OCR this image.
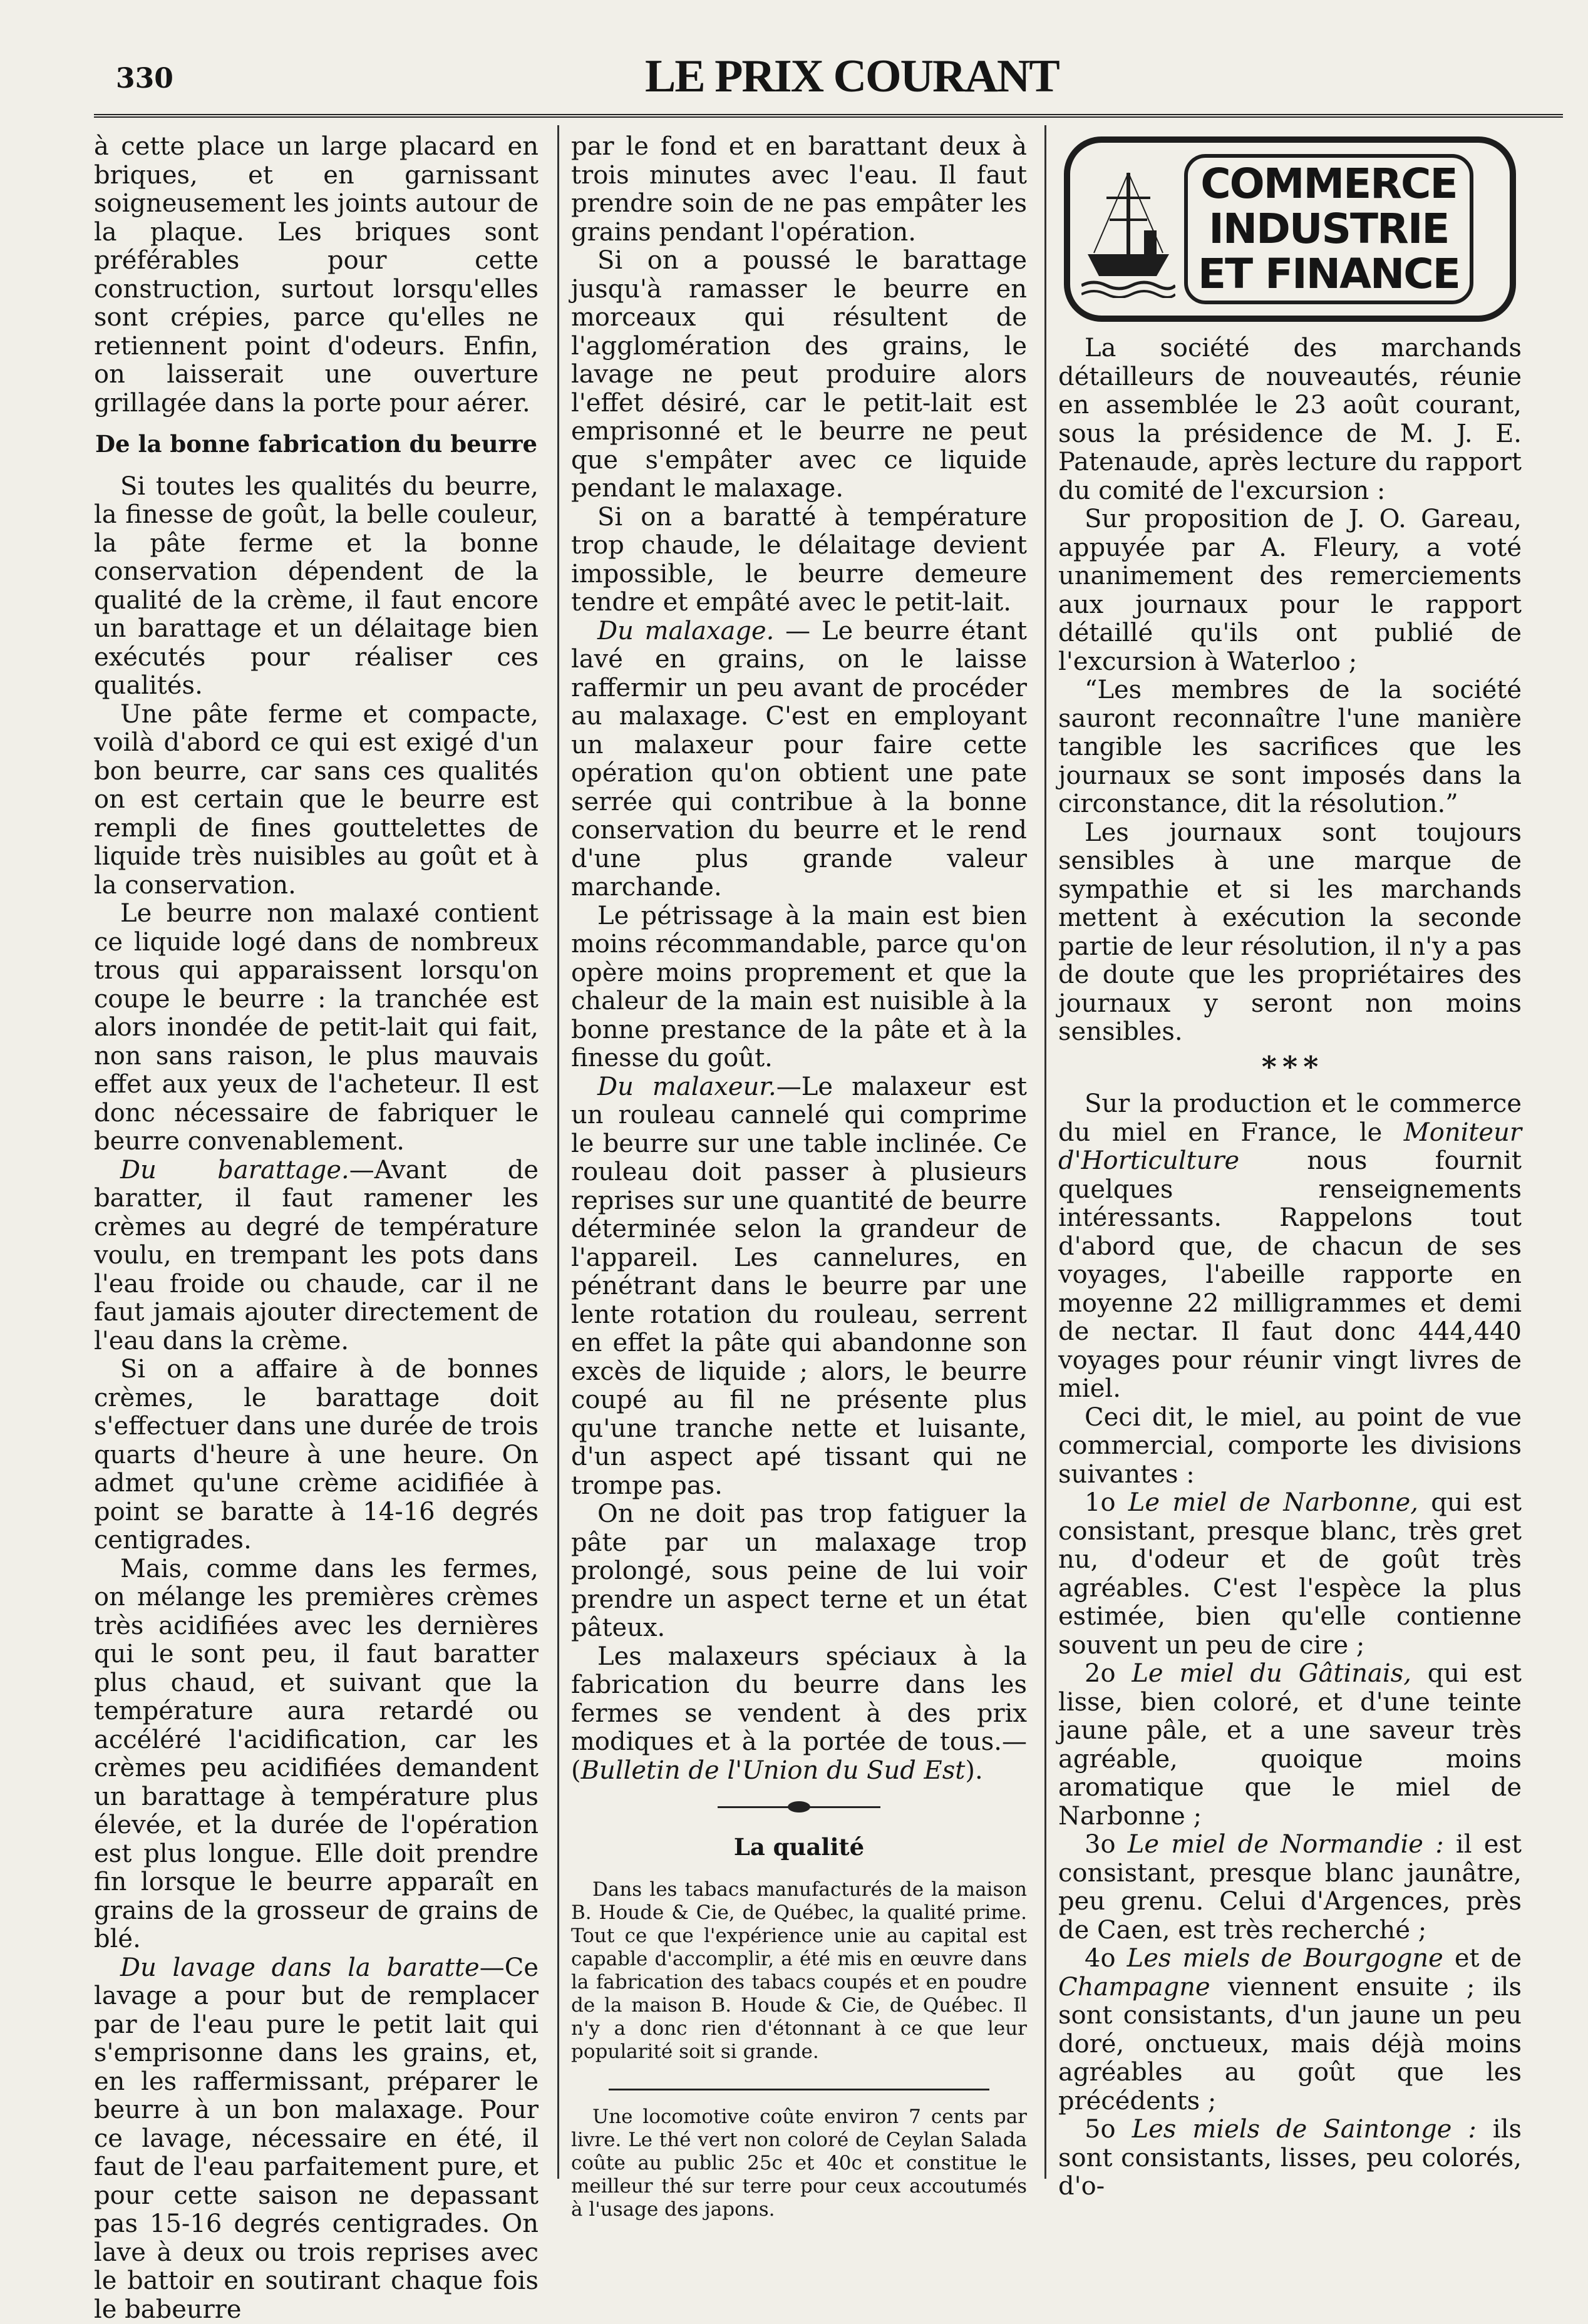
330	LE PRIX COURANT

à cette place un large placard en briques, et en garnissant soigneusement les joints autour de la plaque. Les briques sont préférables pour cette construction, surtout lorsqu'elles sont crépies, parce qu'elles ne retiennent point d'odeurs. Enfin, on laisserait une ouverture grillagée dans la porte pour aérer.

De la bonne fabrication du beurre

Si toutes les qualités du beurre, la finesse de goût, la belle couleur, la pâte ferme et la bonne conservation dépendent de la qualité de la crème, il faut encore un barattage et un délaitage bien exécutés pour réaliser ces qualités.

Une pâte ferme et compacte, voilà d'abord ce qui est exigé d'un bon beurre, car sans ces qualités on est certain que le beurre est rempli de fines gouttelettes de liquide très nuisibles au goût et à la conservation.

Le beurre non malaxé contient ce liquide logé dans de nombreux trous qui apparaissent lorsqu'on coupe le beurre : la tranchée est alors inondée de petit-lait qui fait, non sans raison, le plus mauvais effet aux yeux de l'acheteur. Il est donc nécessaire de fabriquer le beurre convenablement.

Du barattage.—Avant de baratter, il faut ramener les crèmes au degré de température voulu, en trempant les pots dans l'eau froide ou chaude, car il ne faut jamais ajouter directement de l'eau dans la crème.

Si on a affaire à de bonnes crèmes, le barattage doit s'effectuer dans une durée de trois quarts d'heure à une heure. On admet qu'une crème acidifiée à point se baratte à 14-16 degrés centigrades.

Mais, comme dans les fermes, on mélange les premières crèmes très acidifiées avec les dernières qui le sont peu, il faut baratter plus chaud, et suivant que la température aura retardé ou accéléré l'acidification, car les crèmes peu acidifiées demandent un barattage à température plus élevée, et la durée de l'opération est plus longue. Elle doit prendre fin lorsque le beurre apparaît en grains de la grosseur de grains de blé.

Du lavage dans la baratte—Ce lavage a pour but de remplacer par de l'eau pure le petit lait qui s'emprisonne dans les grains, et, en les raffermissant, préparer le beurre à un bon malaxage. Pour ce lavage, nécessaire en été, il faut de l'eau parfaitement pure, et pour cette saison ne depassant pas 15-16 degrés centigrades. On lave à deux ou trois reprises avec le battoir en soutirant chaque fois le babeurre

par le fond et en barattant deux à trois minutes avec l'eau. Il faut prendre soin de ne pas empâter les grains pendant l'opération.

Si on a poussé le barattage jusqu'à ramasser le beurre en morceaux qui résultent de l'agglomération des grains, le lavage ne peut produire alors l'effet désiré, car le petit-lait est emprisonné et le beurre ne peut que s'empâter avec ce liquide pendant le malaxage.

Si on a baratté à température trop chaude, le délaitage devient impossible, le beurre demeure tendre et empâté avec le petit-lait.

Du malaxage. — Le beurre étant lavé en grains, on le laisse raffermir un peu avant de procéder au malaxage. C'est en employant un malaxeur pour faire cette opération qu'on obtient une pate serrée qui contribue à la bonne conservation du beurre et le rend d'une plus grande valeur marchande.

Le pétrissage à la main est bien moins récommandable, parce qu'on opère moins proprement et que la chaleur de la main est nuisible à la bonne prestance de la pâte et à la finesse du goût.

Du malaxeur.—Le malaxeur est un rouleau cannelé qui comprime le beurre sur une table inclinée. Ce rouleau doit passer à plusieurs reprises sur une quantité de beurre déterminée selon la grandeur de l'appareil. Les cannelures, en pénétrant dans le beurre par une lente rotation du rouleau, serrent en effet la pâte qui abandonne son excès de liquide ; alors, le beurre coupé au fil ne présente plus qu'une tranche nette et luisante, d'un aspect apé tissant qui ne trompe pas.

On ne doit pas trop fatiguer la pâte par un malaxage trop prolongé, sous peine de lui voir prendre un aspect terne et un état pâteux.

Les malaxeurs spéciaux à la fabrication du beurre dans les fermes se vendent à des prix modiques et à la portée de tous.—(Bulletin de l'Union du Sud Est).

La qualité

Dans les tabacs manufacturés de la maison B. Houde & Cie, de Québec, la qualité prime. Tout ce que l'expérience unie au capital est capable d'accomplir, a été mis en œuvre dans la fabrication des tabacs coupés et en poudre de la maison B. Houde & Cie, de Québec. Il n'y a donc rien d'étonnant à ce que leur popularité soit si grande.

Une locomotive coûte environ 7 cents par livre. Le thé vert non coloré de Ceylan Salada coûte au public 25c et 40c et constitue le meilleur thé sur terre pour ceux accoutumés à l'usage des japons.

COMMERCE
INDUSTRIE
ET FINANCE

La société des marchands détailleurs de nouveautés, réunie en assemblée le 23 août courant, sous la présidence de M. J. E. Patenaude, après lecture du rapport du comité de l'excursion :

Sur proposition de J. O. Gareau, appuyée par A. Fleury, a voté unanimement des remerciements aux journaux pour le rapport détaillé qu'ils ont publié de l'excursion à Waterloo ;

“Les membres de la société sauront reconnaître l'une manière tangible les sacrifices que les journaux se sont imposés dans la circonstance, dit la résolution.”

Les journaux sont toujours sensibles à une marque de sympathie et si les marchands mettent à exécution la seconde partie de leur résolution, il n'y a pas de doute que les propriétaires des journaux y seront non moins sensibles.

* * *

Sur la production et le commerce du miel en France, le Moniteur d'Horticulture nous fournit quelques renseignements intéressants. Rappelons tout d'abord que, de chacun de ses voyages, l'abeille rapporte en moyenne 22 milligrammes et demi de nectar. Il faut donc 444,440 voyages pour réunir vingt livres de miel.

Ceci dit, le miel, au point de vue commercial, comporte les divisions suivantes :

1o Le miel de Narbonne, qui est consistant, presque blanc, très gret nu, d'odeur et de goût très agréables. C'est l'espèce la plus estimée, bien qu'elle contienne souvent un peu de cire ;

2o Le miel du Gâtinais, qui est lisse, bien coloré, et d'une teinte jaune pâle, et a une saveur très agréable, quoique moins aromatique que le miel de Narbonne ;

3o Le miel de Normandie : il est consistant, presque blanc jaunâtre, peu grenu. Celui d'Argences, près de Caen, est très recherché ;

4o Les miels de Bourgogne et de Champagne viennent ensuite ; ils sont consistants, d'un jaune un peu doré, onctueux, mais déjà moins agréables au goût que les précédents ;

5o Les miels de Saintonge : ils sont consistants, lisses, peu colorés, d'o-
